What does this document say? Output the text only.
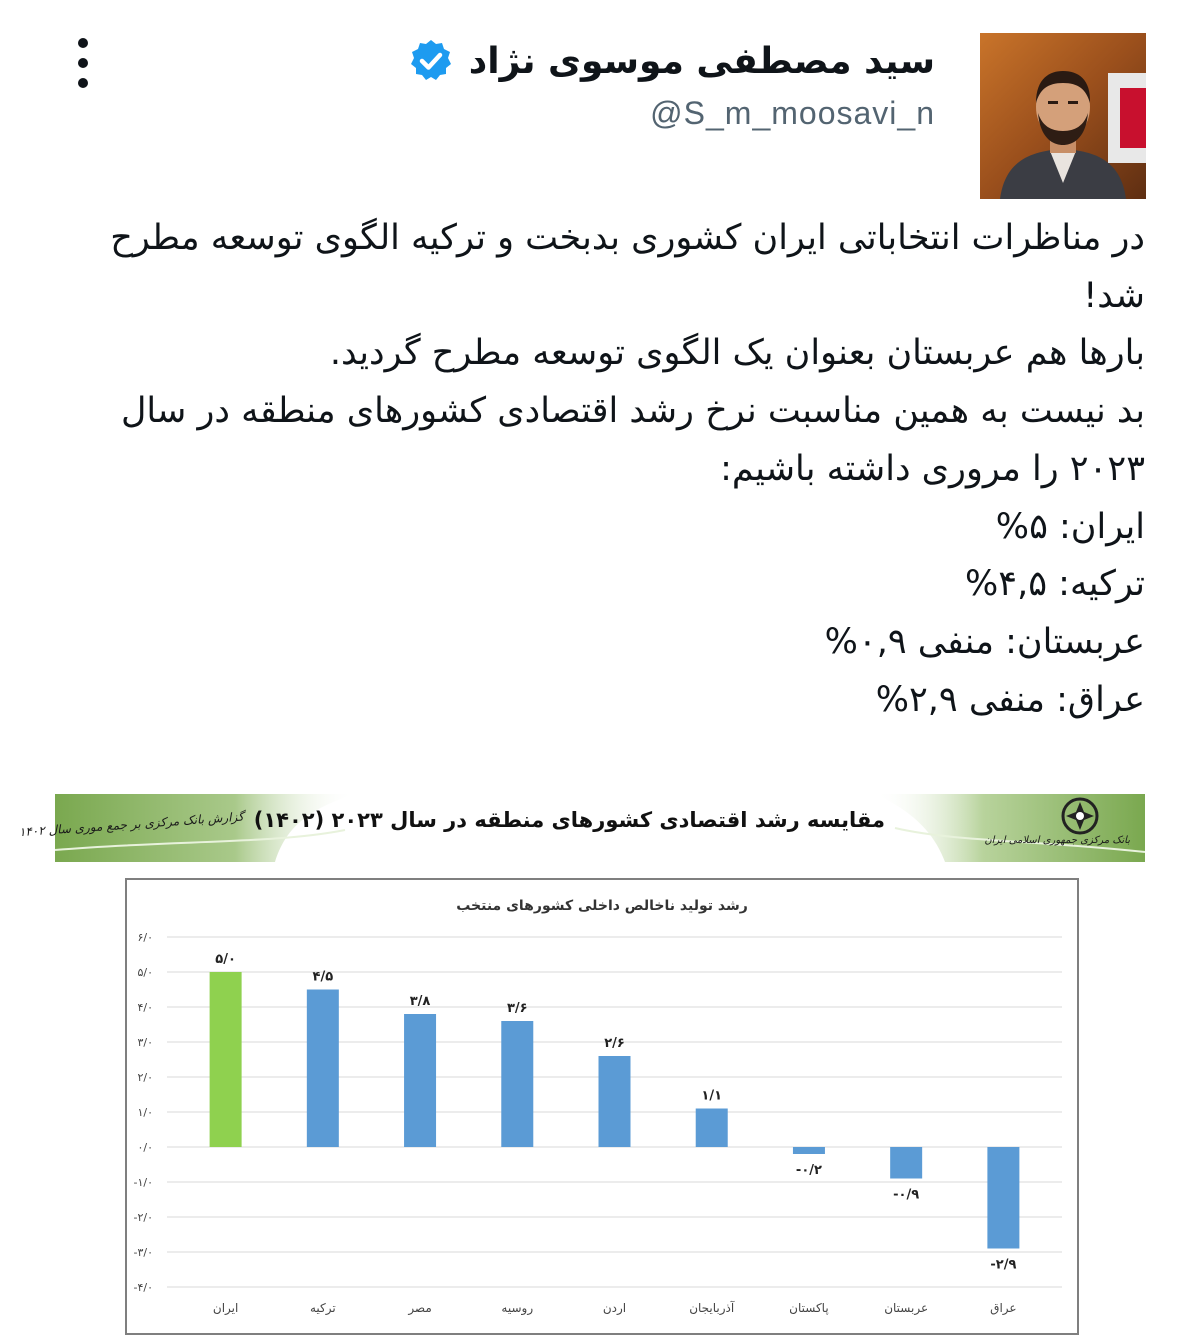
سید مصطفی موسوی نژاد
@S_m_moosavi_n

در مناظرات انتخاباتی ایران کشوری بدبخت و ترکیه الگوی توسعه مطرح

شد!

بارها هم عربستان بعنوان یک الگوی توسعه مطرح گردید.

بد نیست به همین مناسبت نرخ رشد اقتصادی کشورهای منطقه در سال

۲۰۲۳ را مروری داشته باشیم:

ایران: ۵%

ترکیه: ۴,۵%

عربستان: منفی ۰,۹%

عراق: منفی ۲,۹%

گزارش بانک مرکزی بر جمع موری سال ۱۴۰۲ مقایسه رشد اقتصادی کشورهای منطقه در سال ۲۰۲۳ (۱۴۰۲)
بانک مرکزی جمهوری اسلامی ایران
رشد تولید ناخالص داخلی کشورهای منتخب
۶/۰
۵/۰
۴/۰
۳/۰
۲/۰
۱/۰
۰/۰
-۱/۰
-۲/۰
-۳/۰
-۴/۰
۵/۰
ایران
۴/۵
ترکیه
۳/۸
مصر
۳/۶
روسیه
۲/۶
اردن
۱/۱
آذربایجان
-۰/۲
پاکستان
-۰/۹
عربستان
-۲/۹
عراق
